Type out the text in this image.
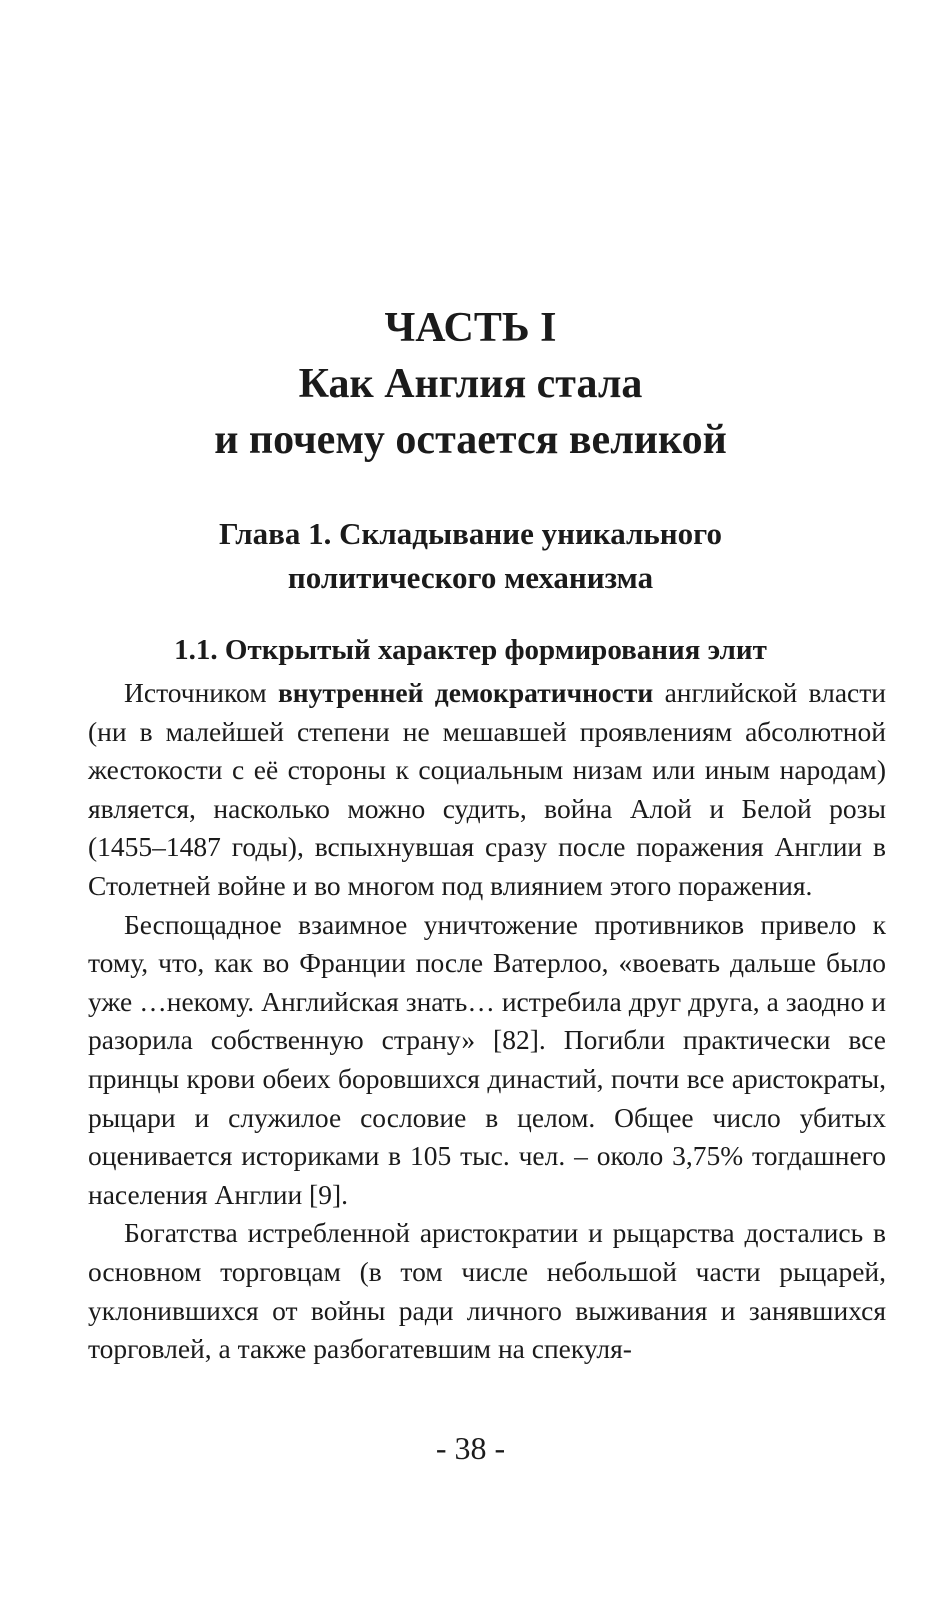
ЧАСТЬ I
Как Англия стала
и почему остается великой
Глава 1. Складывание уникального
политического механизма
1.1. Открытый характер формирования элит

Источником внутренней демократичности английской власти (ни в малейшей степени не мешавшей проявлениям абсолютной жестокости с её стороны к социальным низам или иным народам) является, насколько можно судить, война Алой и Белой розы (1455–1487 годы), вспыхнувшая сразу после поражения Англии в Столетней войне и во многом под влиянием этого поражения.

Беспощадное взаимное уничтожение противников привело к тому, что, как во Франции после Ватерлоо, «воевать дальше было уже …некому. Английская знать… истребила друг друга, а заодно и разорила собственную страну» [82]. Погибли практически все принцы крови обеих боровшихся династий, почти все аристократы, рыцари и служилое сословие в целом. Общее число убитых оценивается историками в 105 тыс. чел. – около 3,75% тогдашнего населения Англии [9].

Богатства истребленной аристократии и рыцарства достались в основном торговцам (в том числе небольшой части рыцарей, уклонившихся от войны ради личного выживания и занявшихся торговлей, а также разбогатевшим на спекуля-

- 38 -
